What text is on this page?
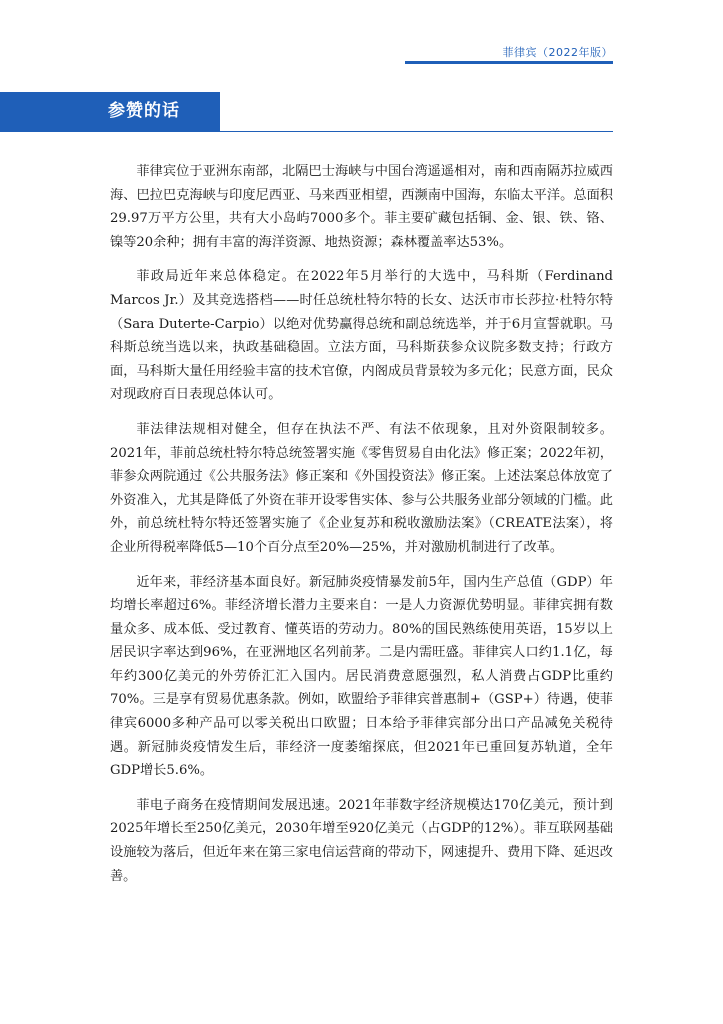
菲律宾（2022年版）
参赞的话

菲律宾位于亚洲东南部，北隔巴士海峡与中国台湾遥遥相对，南和西南隔苏拉威西海、巴拉巴克海峡与印度尼西亚、马来西亚相望，西濒南中国海，东临太平洋。总面积29.97万平方公里，共有大小岛屿7000多个。菲主要矿藏包括铜、金、银、铁、铬、镍等20余种；拥有丰富的海洋资源、地热资源；森林覆盖率达53%。

菲政局近年来总体稳定。在2022年5月举行的大选中，马科斯（Ferdinand Marcos Jr.）及其竞选搭档——时任总统杜特尔特的长女、达沃市市长莎拉·杜特尔特（Sara Duterte-Carpio）以绝对优势赢得总统和副总统选举，并于6月宣誓就职。马科斯总统当选以来，执政基础稳固。立法方面，马科斯获参众议院多数支持；行政方面，马科斯大量任用经验丰富的技术官僚，内阁成员背景较为多元化；民意方面，民众对现政府百日表现总体认可。

菲法律法规相对健全，但存在执法不严、有法不依现象，且对外资限制较多。2021年，菲前总统杜特尔特总统签署实施《零售贸易自由化法》修正案；2022年初，菲参众两院通过《公共服务法》修正案和《外国投资法》修正案。上述法案总体放宽了外资准入，尤其是降低了外资在菲开设零售实体、参与公共服务业部分领域的门槛。此外，前总统杜特尔特还签署实施了《企业复苏和税收激励法案》（CREATE法案），将企业所得税率降低5—10个百分点至20%—25%，并对激励机制进行了改革。

近年来，菲经济基本面良好。新冠肺炎疫情暴发前5年，国内生产总值（GDP）年均增长率超过6%。菲经济增长潜力主要来自：一是人力资源优势明显。菲律宾拥有数量众多、成本低、受过教育、懂英语的劳动力。80%的国民熟练使用英语，15岁以上居民识字率达到96%，在亚洲地区名列前茅。二是内需旺盛。菲律宾人口约1.1亿，每年约300亿美元的外劳侨汇汇入国内。居民消费意愿强烈，私人消费占GDP比重约70%。三是享有贸易优惠条款。例如，欧盟给予菲律宾普惠制+（GSP+）待遇，使菲律宾6000多种产品可以零关税出口欧盟；日本给予菲律宾部分出口产品减免关税待遇。新冠肺炎疫情发生后，菲经济一度萎缩探底，但2021年已重回复苏轨道，全年GDP增长5.6%。

菲电子商务在疫情期间发展迅速。2021年菲数字经济规模达170亿美元，预计到2025年增长至250亿美元，2030年增至920亿美元（占GDP的12%）。菲互联网基础设施较为落后，但近年来在第三家电信运营商的带动下，网速提升、费用下降、延迟改善。
